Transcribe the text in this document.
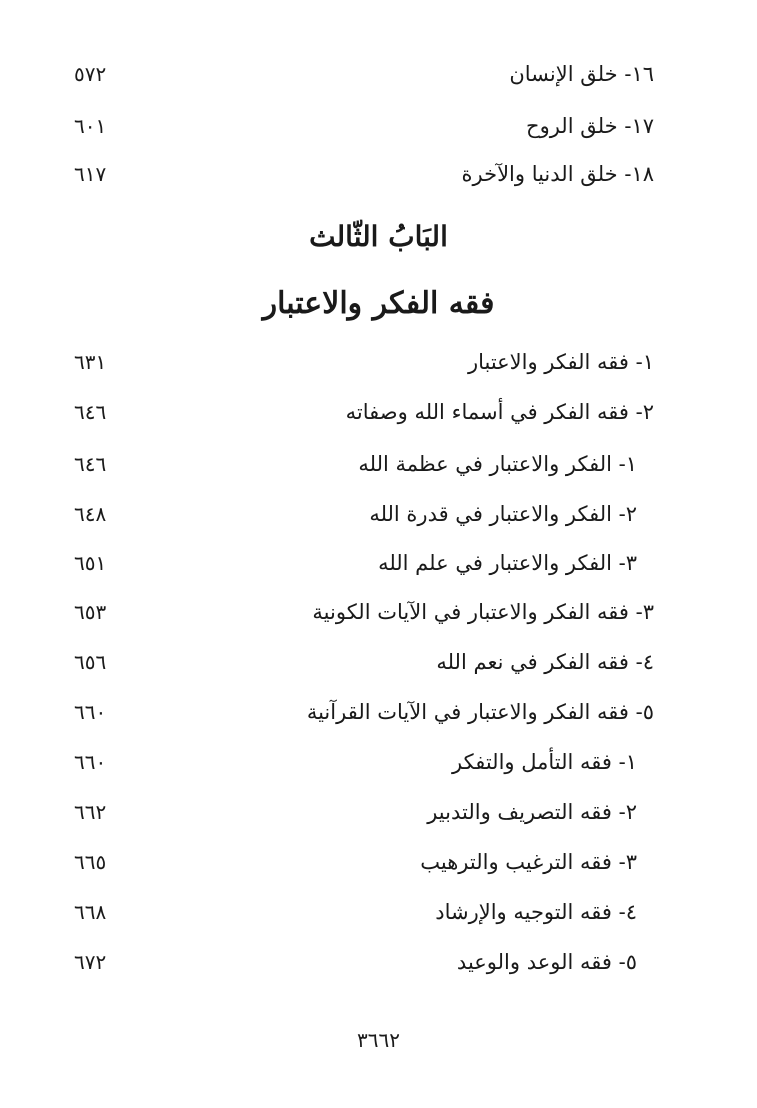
١٦- خلق الإنسان
٥٧٢
١٧- خلق الروح
٦٠١
١٨- خلق الدنيا والآخرة
٦١٧
البَابُ الثّالث
فقه الفكر والاعتبار
١- فقه الفكر والاعتبار
٦٣١
٢- فقه الفكر في أسماء الله وصفاته
٦٤٦
١- الفكر والاعتبار في عظمة الله
٦٤٦
٢- الفكر والاعتبار في قدرة الله
٦٤٨
٣- الفكر والاعتبار في علم الله
٦٥١
٣- فقه الفكر والاعتبار في الآيات الكونية
٦٥٣
٤- فقه الفكر في نعم الله
٦٥٦
٥- فقه الفكر والاعتبار في الآيات القرآنية
٦٦٠
١- فقه التأمل والتفكر
٦٦٠
٢- فقه التصريف والتدبير
٦٦٢
٣- فقه الترغيب والترهيب
٦٦٥
٤- فقه التوجيه والإرشاد
٦٦٨
٥- فقه الوعد والوعيد
٦٧٢
٣٦٦٢
